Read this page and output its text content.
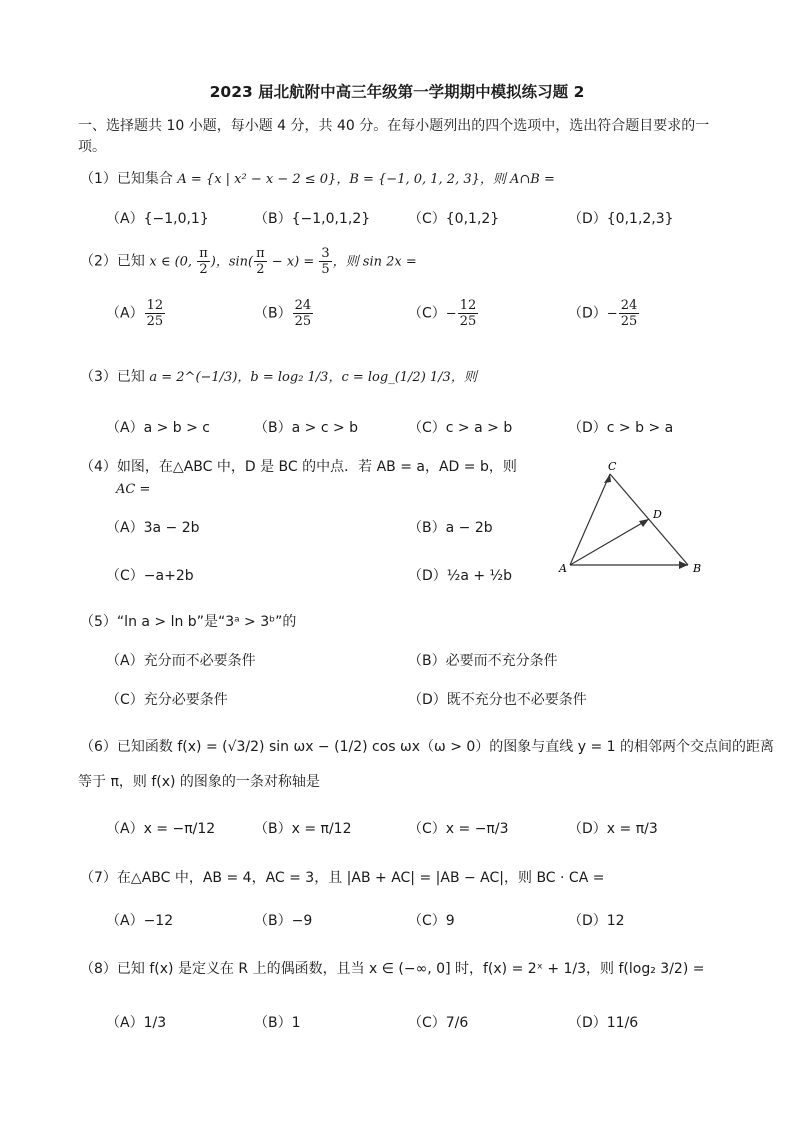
2023 届北航附中高三年级第一学期期中模拟练习题 2
一、选择题共 10 小题，每小题 4 分，共 40 分。在每小题列出的四个选项中，选出符合题目要求的一项。
（1）已知集合 A = {x | x² − x − 2 ≤ 0}，B = {−1, 0, 1, 2, 3}，则 A∩B =
（A）{−1,0,1}	（B）{−1,0,1,2}	（C）{0,1,2}	（D）{0,1,2,3}
（2）已知 x ∈ (0, $\frac{\pi}{2}$ )，$\sin( \frac{\pi}{2} - x) = \frac{3}{5}$ ，则 sin 2x =
$(A) \frac{12}{25}$	$(B) \frac{24}{25}$	$(C)- \frac{12}{25}$	$(D)- \frac{24}{25}$
（3）已知 a = 2^(−1/3)，b = log₂ 1/3，c = log_(1/2) 1/3，则
（A）a > b > c	（B）a > c > b	（C）c > a > b	（D）c > b > a
（4）如图，在△ABC 中，D 是 BC 的中点．若 AB = a，AD = b，则
AC =
（A）3a − 2b	（B）a − 2b
（C）−a+2b	（D）½a + ½b
C
D
A	B
（5）“ln a > ln b”是“3ᵃ > 3ᵇ”的
（A）充分而不必要条件	（B）必要而不充分条件
（C）充分必要条件	（D）既不充分也不必要条件
（6）已知函数 f(x) = (√3/2) sin ωx − (1/2) cos ωx（ω > 0）的图象与直线 y = 1 的相邻两个交点间的距离
等于 π，则 f(x) 的图象的一条对称轴是
（A）x = −π/12	（B）x = π/12	（C）x = −π/3	（D）x = π/3
（7）在△ABC 中，AB = 4，AC = 3，且 |AB + AC| = |AB − AC|，则 BC · CA =
（A）−12	（B）−9	（C）9	（D）12
（8）已知 f(x) 是定义在 R 上的偶函数，且当 x ∈ (−∞, 0] 时，f(x) = 2ˣ + 1/3，则 f(log₂ 3/2) =
（A）1/3	（B）1	（C）7/6	（D）11/6
